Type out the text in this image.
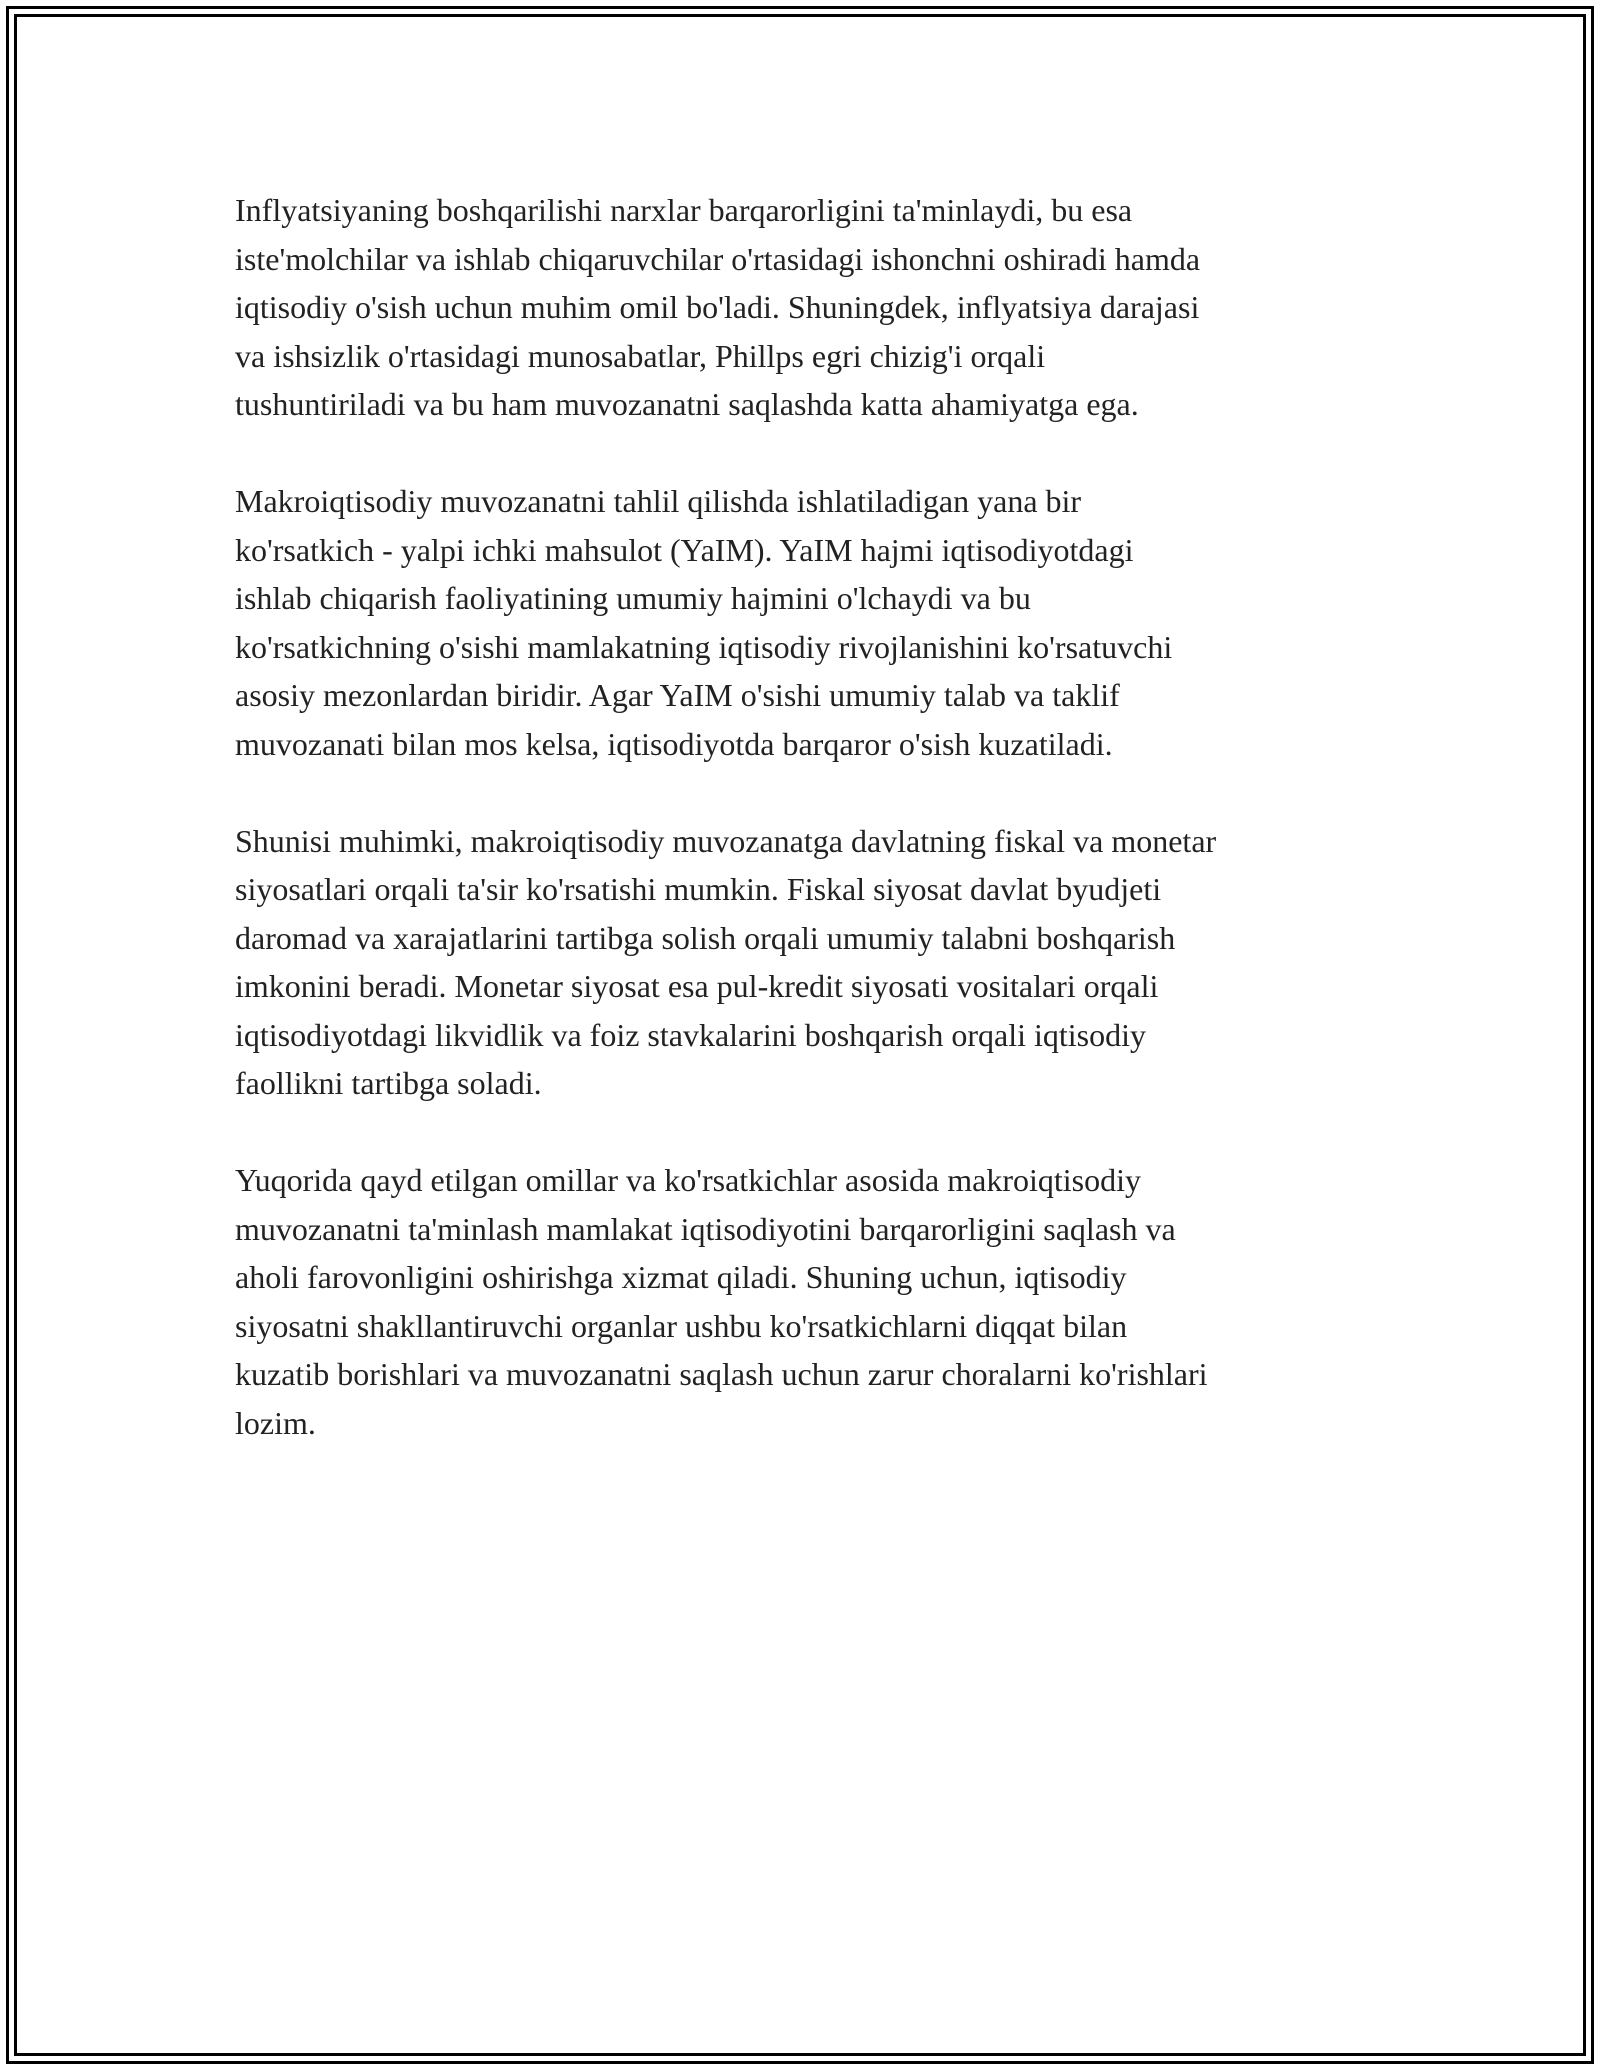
Inflyatsiyaning boshqarilishi narxlar barqarorligini ta'minlaydi, bu esa
iste'molchilar va ishlab chiqaruvchilar o'rtasidagi ishonchni oshiradi hamda
iqtisodiy o'sish uchun muhim omil bo'ladi. Shuningdek, inflyatsiya darajasi
va ishsizlik o'rtasidagi munosabatlar, Phillps egri chizig'i orqali
tushuntiriladi va bu ham muvozanatni saqlashda katta ahamiyatga ega.

Makroiqtisodiy muvozanatni tahlil qilishda ishlatiladigan yana bir
ko'rsatkich - yalpi ichki mahsulot (YaIM). YaIM hajmi iqtisodiyotdagi
ishlab chiqarish faoliyatining umumiy hajmini o'lchaydi va bu
ko'rsatkichning o'sishi mamlakatning iqtisodiy rivojlanishini ko'rsatuvchi
asosiy mezonlardan biridir. Agar YaIM o'sishi umumiy talab va taklif
muvozanati bilan mos kelsa, iqtisodiyotda barqaror o'sish kuzatiladi.

Shunisi muhimki, makroiqtisodiy muvozanatga davlatning fiskal va monetar
siyosatlari orqali ta'sir ko'rsatishi mumkin. Fiskal siyosat davlat byudjeti
daromad va xarajatlarini tartibga solish orqali umumiy talabni boshqarish
imkonini beradi. Monetar siyosat esa pul-kredit siyosati vositalari orqali
iqtisodiyotdagi likvidlik va foiz stavkalarini boshqarish orqali iqtisodiy
faollikni tartibga soladi.

Yuqorida qayd etilgan omillar va ko'rsatkichlar asosida makroiqtisodiy
muvozanatni ta'minlash mamlakat iqtisodiyotini barqarorligini saqlash va
aholi farovonligini oshirishga xizmat qiladi. Shuning uchun, iqtisodiy
siyosatni shakllantiruvchi organlar ushbu ko'rsatkichlarni diqqat bilan
kuzatib borishlari va muvozanatni saqlash uchun zarur choralarni ko'rishlari
lozim.
